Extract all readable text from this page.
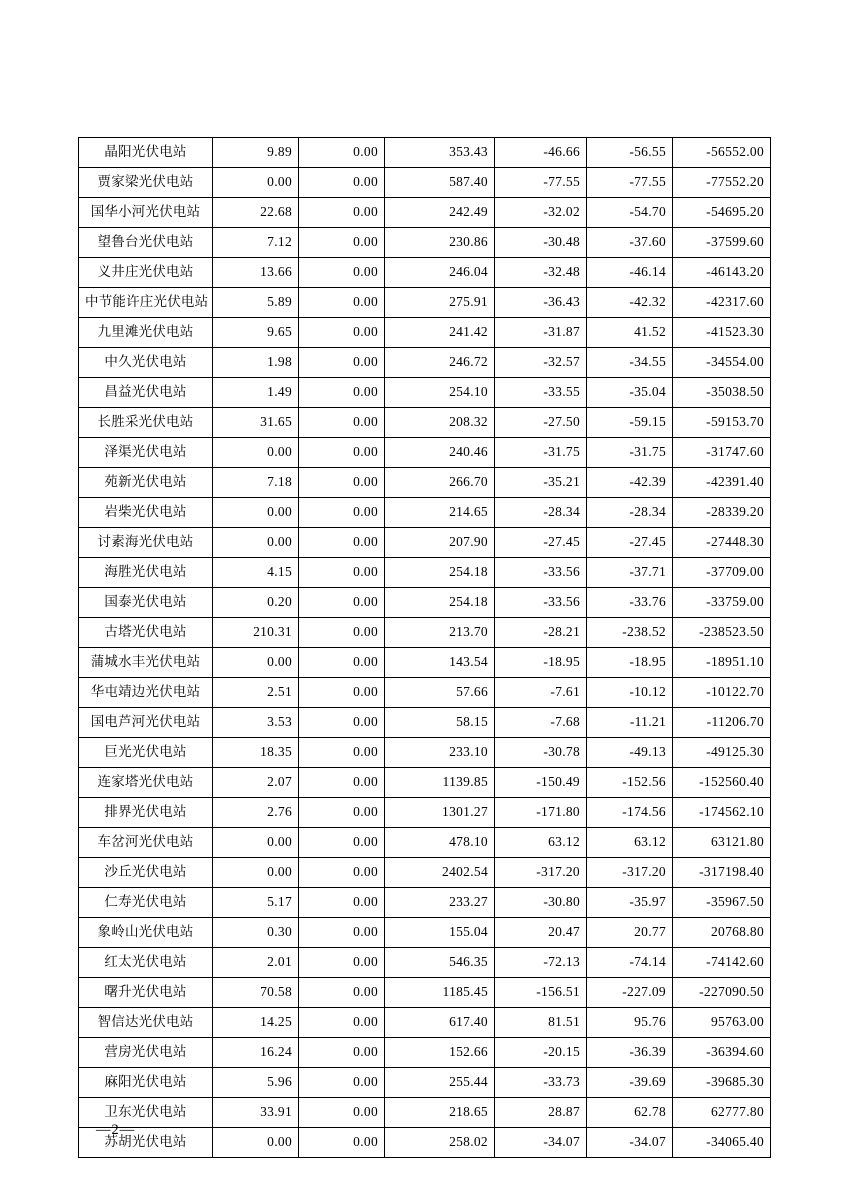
晶阳光伏电站	9.89	0.00	353.43	-46.66	-56.55	-56552.00
贾家梁光伏电站	0.00	0.00	587.40	-77.55	-77.55	-77552.20
国华小河光伏电站	22.68	0.00	242.49	-32.02	-54.70	-54695.20
望鲁台光伏电站	7.12	0.00	230.86	-30.48	-37.60	-37599.60
义井庄光伏电站	13.66	0.00	246.04	-32.48	-46.14	-46143.20
中节能许庄光伏电站	5.89	0.00	275.91	-36.43	-42.32	-42317.60
九里滩光伏电站	9.65	0.00	241.42	-31.87	41.52	-41523.30
中久光伏电站	1.98	0.00	246.72	-32.57	-34.55	-34554.00
昌益光伏电站	1.49	0.00	254.10	-33.55	-35.04	-35038.50
长胜采光伏电站	31.65	0.00	208.32	-27.50	-59.15	-59153.70
泽渠光伏电站	0.00	0.00	240.46	-31.75	-31.75	-31747.60
苑新光伏电站	7.18	0.00	266.70	-35.21	-42.39	-42391.40
岩柴光伏电站	0.00	0.00	214.65	-28.34	-28.34	-28339.20
讨素海光伏电站	0.00	0.00	207.90	-27.45	-27.45	-27448.30
海胜光伏电站	4.15	0.00	254.18	-33.56	-37.71	-37709.00
国泰光伏电站	0.20	0.00	254.18	-33.56	-33.76	-33759.00
古塔光伏电站	210.31	0.00	213.70	-28.21	-238.52	-238523.50
蒲城水丰光伏电站	0.00	0.00	143.54	-18.95	-18.95	-18951.10
华屯靖边光伏电站	2.51	0.00	57.66	-7.61	-10.12	-10122.70
国电芦河光伏电站	3.53	0.00	58.15	-7.68	-11.21	-11206.70
巨光光伏电站	18.35	0.00	233.10	-30.78	-49.13	-49125.30
连家塔光伏电站	2.07	0.00	1139.85	-150.49	-152.56	-152560.40
排界光伏电站	2.76	0.00	1301.27	-171.80	-174.56	-174562.10
车岔河光伏电站	0.00	0.00	478.10	63.12	63.12	63121.80
沙丘光伏电站	0.00	0.00	2402.54	-317.20	-317.20	-317198.40
仁寿光伏电站	5.17	0.00	233.27	-30.80	-35.97	-35967.50
象岭山光伏电站	0.30	0.00	155.04	20.47	20.77	20768.80
红太光伏电站	2.01	0.00	546.35	-72.13	-74.14	-74142.60
曙升光伏电站	70.58	0.00	1185.45	-156.51	-227.09	-227090.50
智信达光伏电站	14.25	0.00	617.40	81.51	95.76	95763.00
营房光伏电站	16.24	0.00	152.66	-20.15	-36.39	-36394.60
麻阳光伏电站	5.96	0.00	255.44	-33.73	-39.69	-39685.30
卫东光伏电站	33.91	0.00	218.65	28.87	62.78	62777.80
苏胡光伏电站	0.00	0.00	258.02	-34.07	-34.07	-34065.40
—2—
